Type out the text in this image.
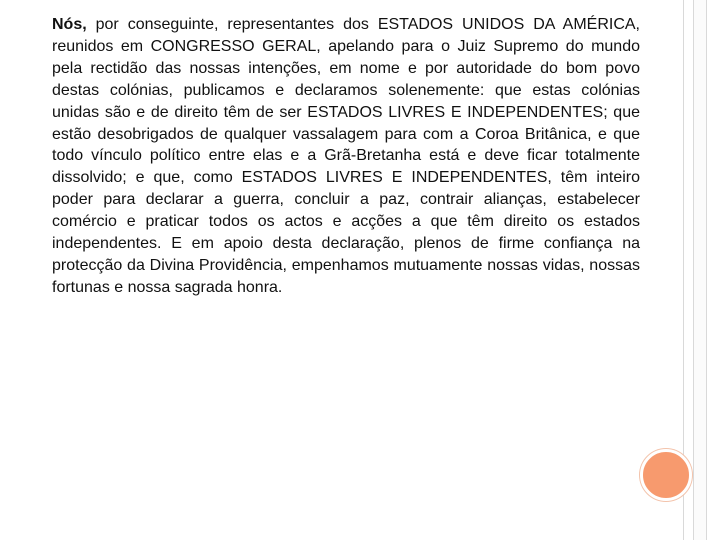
Nós, por conseguinte, representantes dos ESTADOS UNIDOS DA AMÉRICA, reunidos em CONGRESSO GERAL, apelando para o Juiz Supremo do mundo pela rectidão das nossas intenções, em nome e por autoridade do bom povo destas colónias, publicamos e declaramos solenemente: que estas colónias unidas são e de direito têm de ser ESTADOS LIVRES E INDEPENDENTES; que estão desobrigados de qualquer vassalagem para com a Coroa Britânica, e que todo vínculo político entre elas e a Grã-Bretanha está e deve ficar totalmente dissolvido; e que, como ESTADOS LIVRES E INDEPENDENTES, têm inteiro poder para declarar a guerra, concluir a paz, contrair alianças, estabelecer comércio e praticar todos os actos e acções a que têm direito os estados independentes. E em apoio desta declaração, plenos de firme confiança na protecção da Divina Providência, empenhamos mutuamente nossas vidas, nossas fortunas e nossa sagrada honra.
